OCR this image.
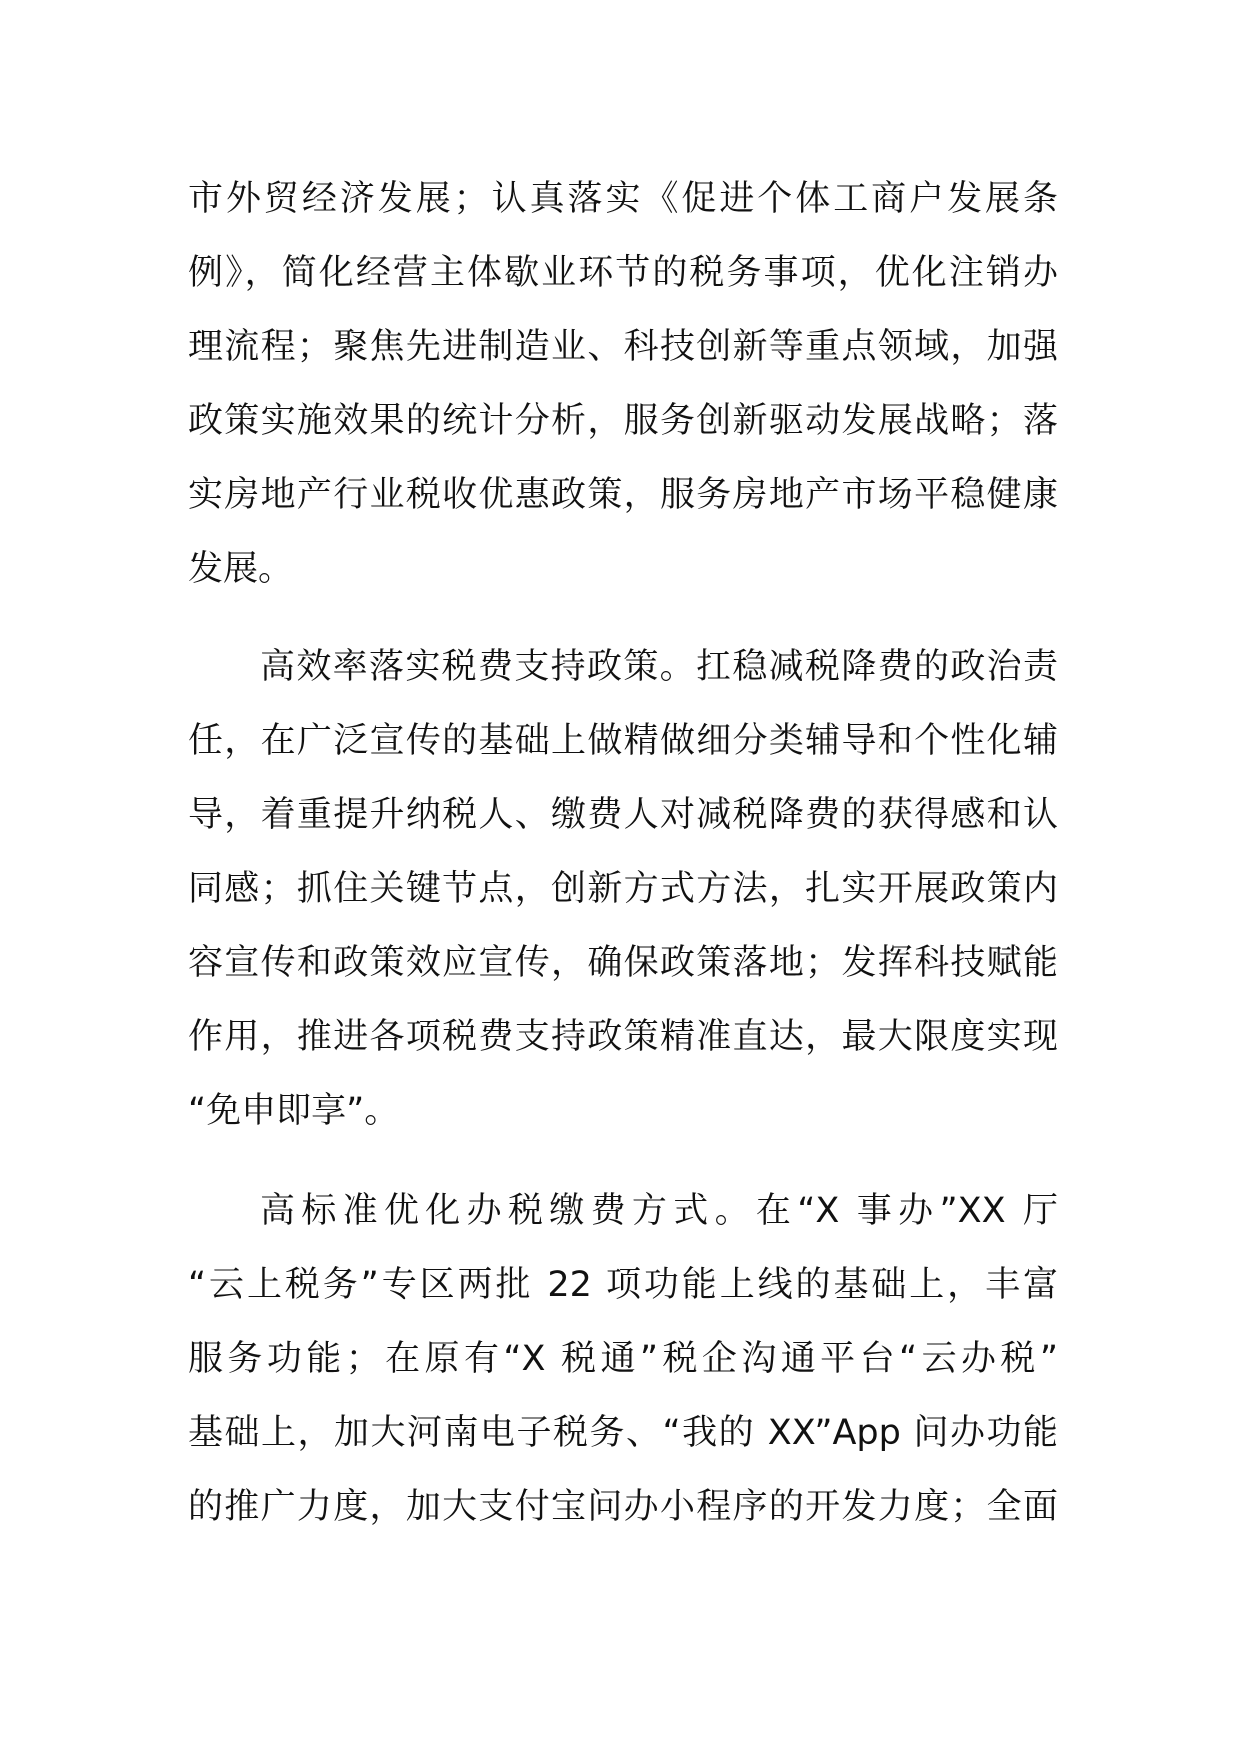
市外贸经济发展；认真落实《促进个体工商户发展条
例》，简化经营主体歇业环节的税务事项，优化注销办
理流程；聚焦先进制造业、科技创新等重点领域，加强
政策实施效果的统计分析，服务创新驱动发展战略；落
实房地产行业税收优惠政策，服务房地产市场平稳健康
发展。
高效率落实税费支持政策。扛稳减税降费的政治责
任，在广泛宣传的基础上做精做细分类辅导和个性化辅
导，着重提升纳税人、缴费人对减税降费的获得感和认
同感；抓住关键节点，创新方式方法，扎实开展政策内
容宣传和政策效应宣传，确保政策落地；发挥科技赋能
作用，推进各项税费支持政策精准直达，最大限度实现
“免申即享”。
高标准优化办税缴费方式。在“X 事办”XX 厅
“云上税务”专区两批 22 项功能上线的基础上，丰富
服务功能；在原有“X 税通”税企沟通平台“云办税”
基础上，加大河南电子税务、“我的 XX”App 问办功能
的推广力度，加大支付宝问办小程序的开发力度；全面
